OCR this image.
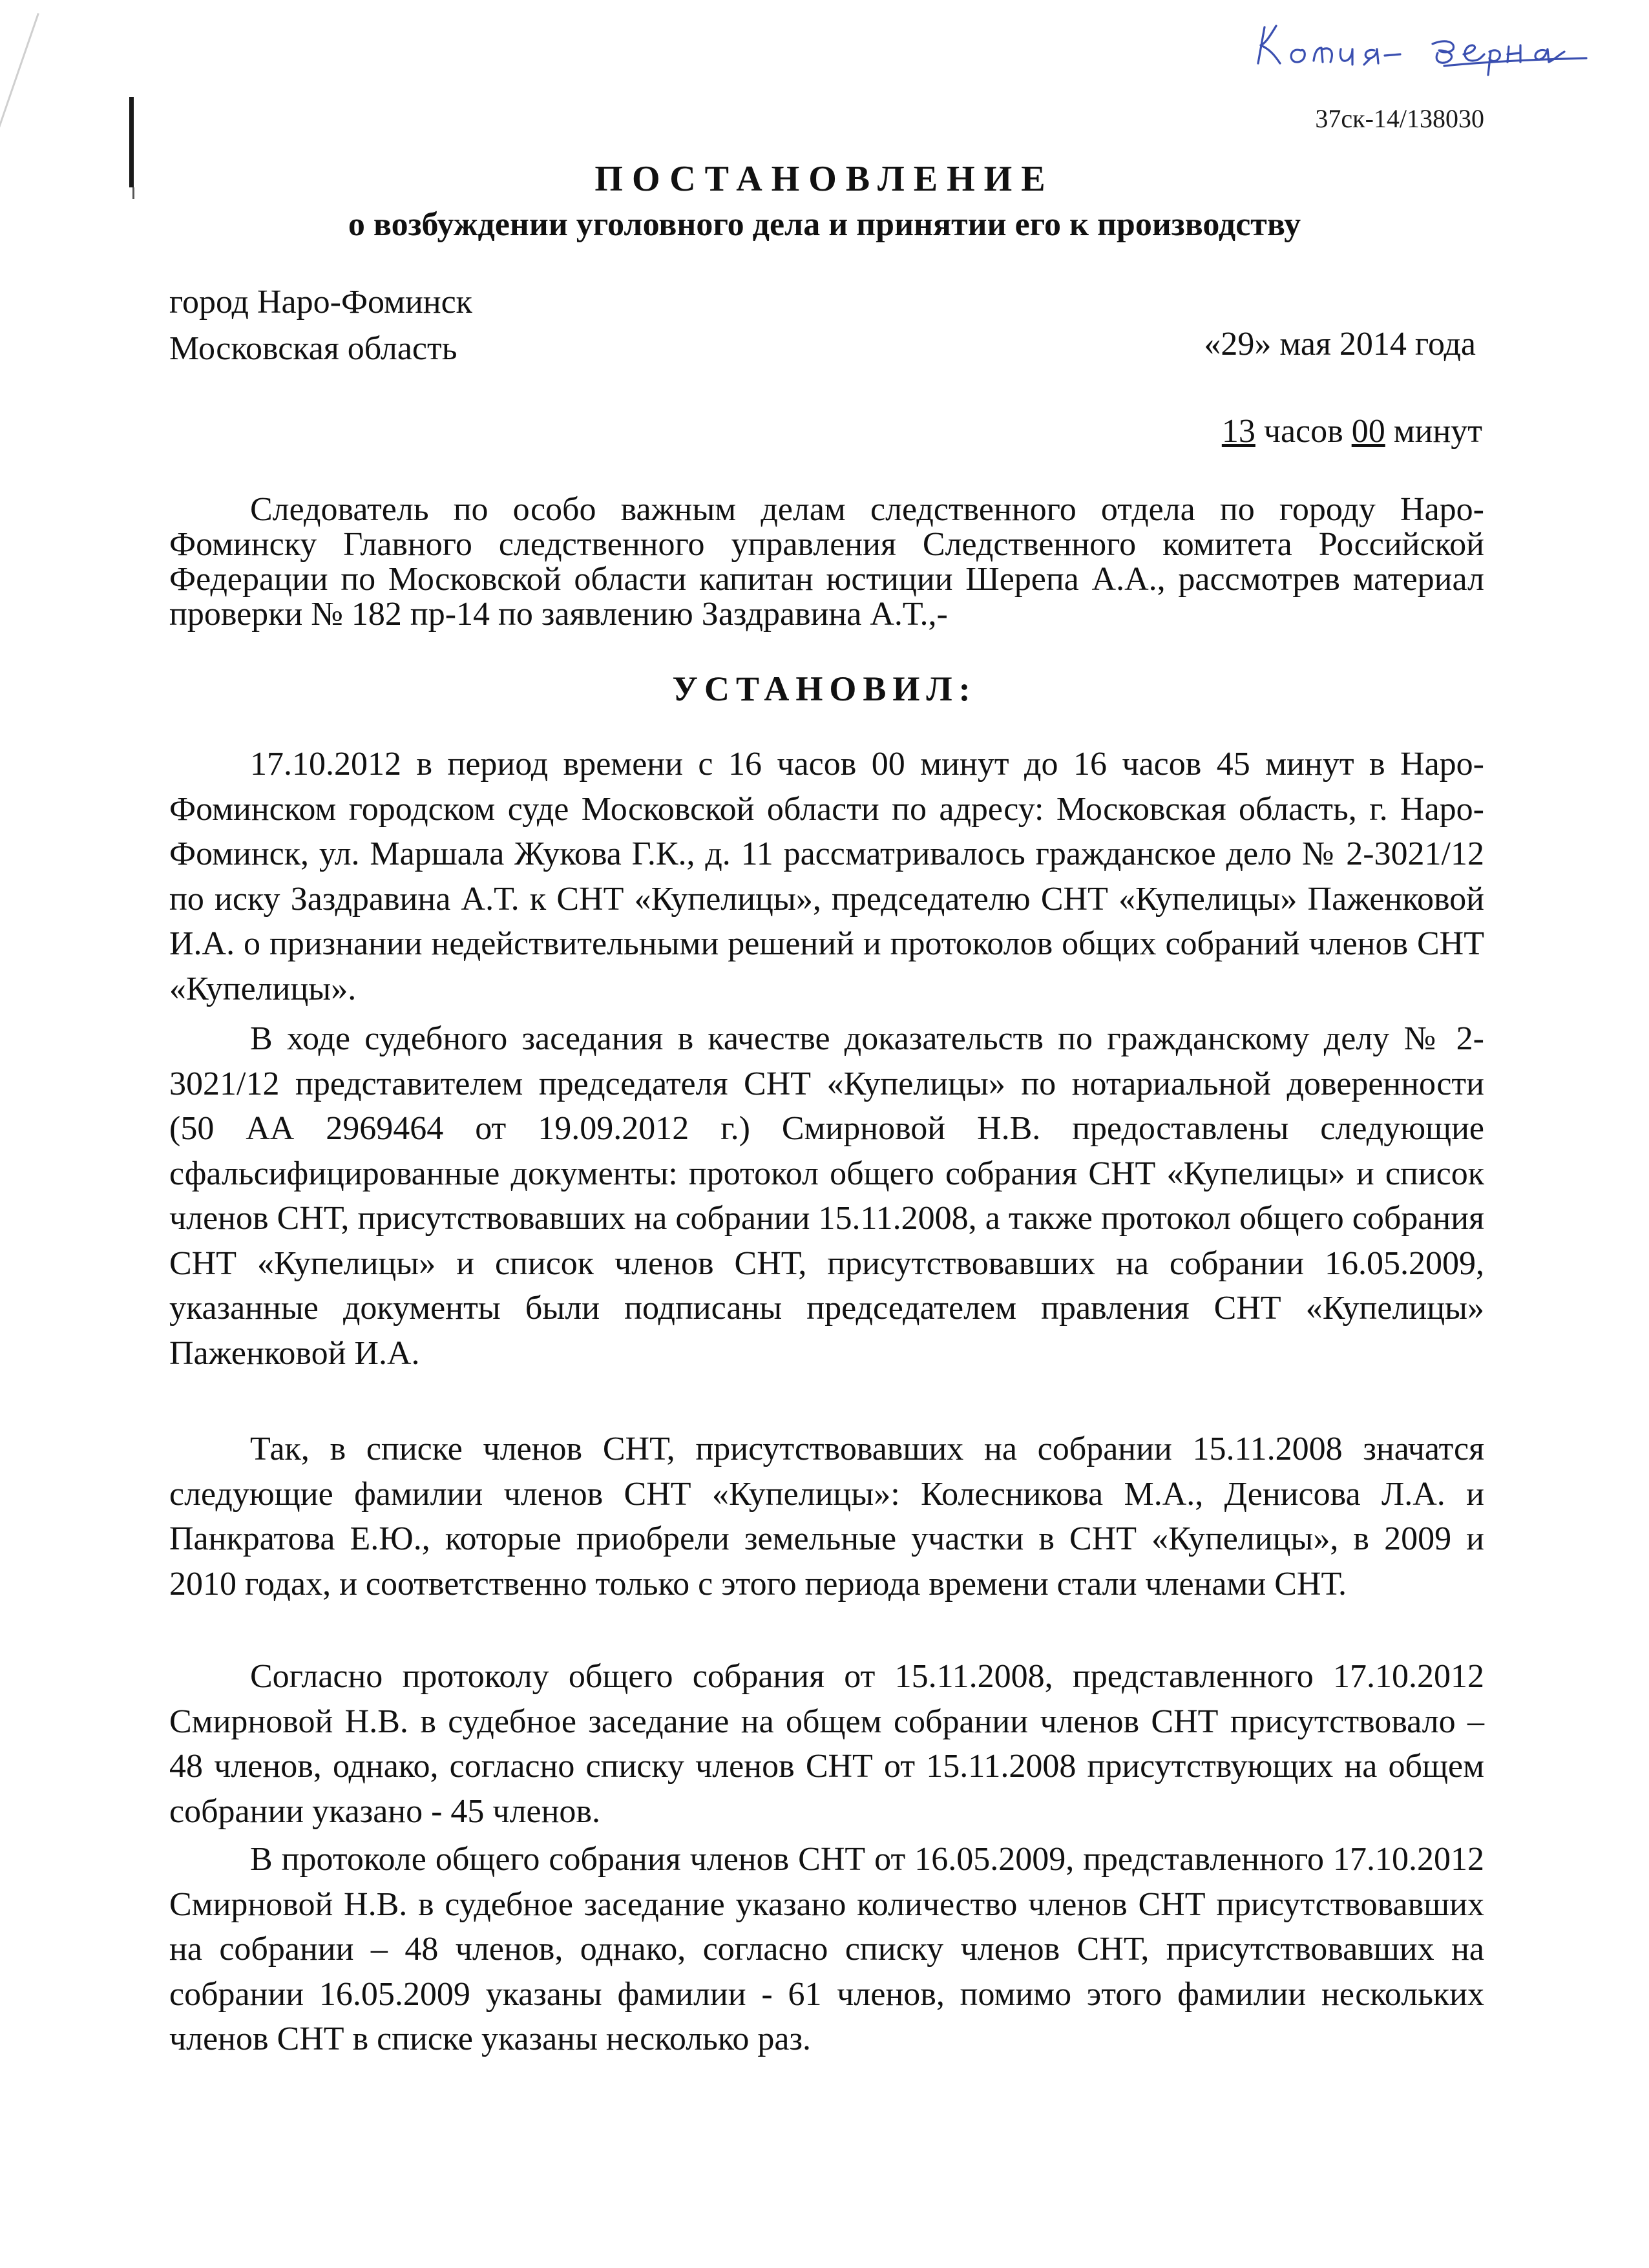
37ск-14/138030
ПОСТАНОВЛЕНИЕ
о возбуждении уголовного дела и принятии его к производству
город Наро-Фоминск
Московская область	«29» мая 2014 года
13 часов 00 минут
Следователь по особо важным делам следственного отдела по городу Наро-Фоминску Главного следственного управления Следственного комитета Российской Федерации по Московской области капитан юстиции Шерепа А.А., рассмотрев материал проверки № 182 пр-14 по заявлению Заздравина А.Т.,-
УСТАНОВИЛ:
17.10.2012 в период времени с 16 часов 00 минут до 16 часов 45 минут в Наро-Фоминском городском суде Московской области по адресу: Московская область, г. Наро-Фоминск, ул. Маршала Жукова Г.К., д. 11 рассматривалось гражданское дело № 2-3021/12 по иску Заздравина А.Т. к СНТ «Купелицы», председателю СНТ «Купелицы» Паженковой И.А. о признании недействительными решений и протоколов общих собраний членов СНТ «Купелицы».
В ходе судебного заседания в качестве доказательств по гражданскому делу № 2-3021/12 представителем председателя СНТ «Купелицы» по нотариальной доверенности (50 АА 2969464 от 19.09.2012 г.) Смирновой Н.В. предоставлены следующие сфальсифицированные документы: протокол общего собрания СНТ «Купелицы» и список членов СНТ, присутствовавших на собрании 15.11.2008, а также протокол общего собрания СНТ «Купелицы» и список членов СНТ, присутствовавших на собрании 16.05.2009, указанные документы были подписаны председателем правления СНТ «Купелицы» Паженковой И.А.
Так, в списке членов СНТ, присутствовавших на собрании 15.11.2008 значатся следующие фамилии членов СНТ «Купелицы»: Колесникова М.А., Денисова Л.А. и Панкратова Е.Ю., которые приобрели земельные участки в СНТ «Купелицы», в 2009 и 2010 годах, и соответственно только с этого периода времени стали членами СНТ.
Согласно протоколу общего собрания от 15.11.2008, представленного 17.10.2012 Смирновой Н.В. в судебное заседание на общем собрании членов СНТ присутствовало – 48 членов, однако, согласно списку членов СНТ от 15.11.2008 присутствующих на общем собрании указано - 45 членов.
В протоколе общего собрания членов СНТ от 16.05.2009, представленного 17.10.2012 Смирновой Н.В. в судебное заседание указано количество членов СНТ присутствовавших на собрании – 48 членов, однако, согласно списку членов СНТ, присутствовавших на собрании 16.05.2009 указаны фамилии - 61 членов, помимо этого фамилии нескольких членов СНТ в списке указаны несколько раз.
